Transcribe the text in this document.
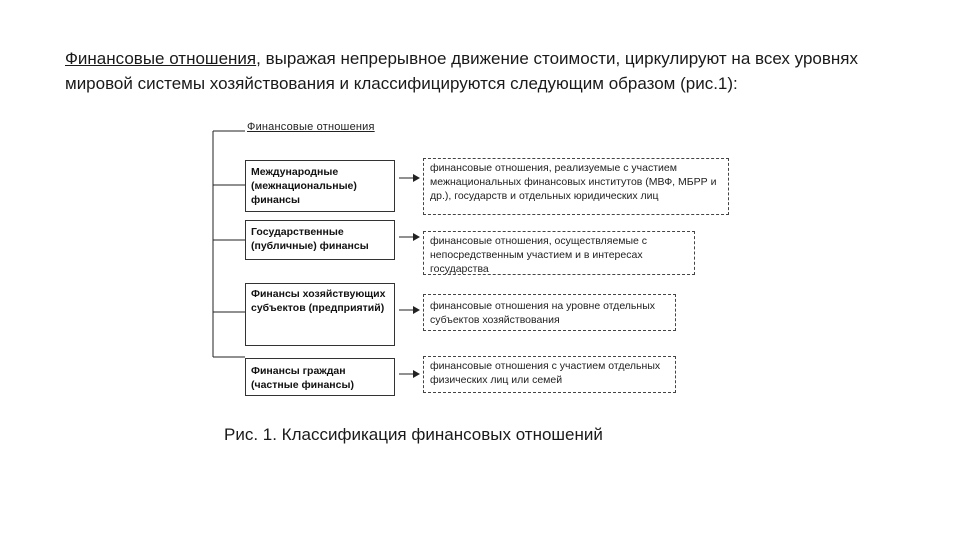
Финансовые отношения, выражая непрерывное движение стоимости, циркулируют на всех уровнях мировой системы хозяйствования и классифицируются следующим образом (рис.1):
Финансовые отношения
Международные (межнациональные) финансы
Государственные (публичные) финансы
Финансы хозяйствующих субъектов (предприятий)
Финансы граждан (частные финансы)
финансовые отношения, реализуемые с участием межнациональных финансовых институтов (МВФ, МБРР и др.), государств и отдельных юридических лиц
финансовые отношения, осуществляемые с непосредственным участием и в интересах государства
финансовые отношения на уровне отдельных субъектов хозяйствования
финансовые отношения с участием отдельных физических лиц или семей
Рис. 1. Классификация финансовых отношений
